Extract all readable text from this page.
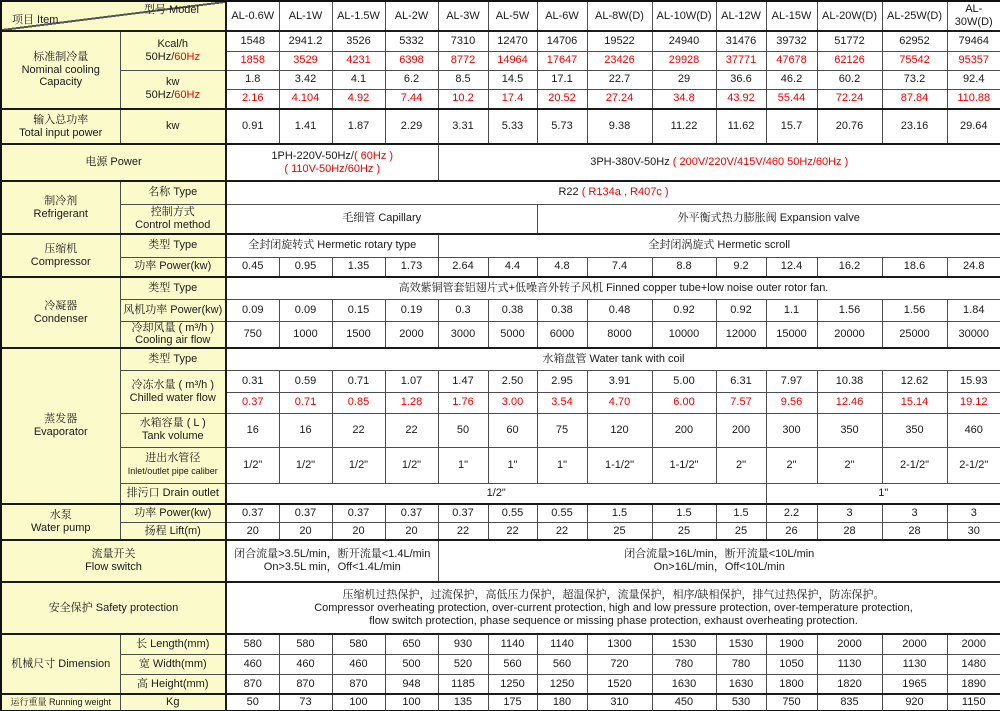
型号 Model
项目 Item		AL-0.6W	AL-1W	AL-1.5W	AL-2W	AL-3W	AL-5W	AL-6W	AL-8W(D)	AL-10W(D)	AL-12W	AL-15W	AL-20W(D)	AL-25W(D)	AL-30W(D)

标准制冷量
Nominal cooling
Capacity

Kcal/h
50Hz/60Hz
	1548	2941.2	3526	5332	7310	12470	14706	19522	24940	31476	39732	51772	62952	79464
		1858	3529	4231	6398	8772	14964	17647	23426	29928	37771	47678	62126	75542	95357

	kw
50Hz/60Hz	1.8	3.42	4.1	6.2	8.5	14.5	17.1	22.7	29	36.6	46.2	60.2	73.2	92.4
		2.16	4.104	4.92	7.44	10.2	17.4	20.52	27.24	34.8	43.92	55.44	72.24	87.84	110.88

输入总功率
Total input power	kw	0.91	1.41	1.87	2.29	3.31	5.33	5.73	9.38	11.22	11.62	15.7	20.76	23.16	29.64

电源 Power		1PH-220V-50Hz/( 60Hz )
( 110V-50Hz/60Hz )				3PH-380V-50Hz ( 200V/220V/415V/460 50Hz/60Hz )									

制冷剂
Refrigerant	名称 Type	R22 ( R134a , R407c )													

	控制方式
Control method	毛细管 Capillary						外平衡式热力膨胀阀 Expansion valve							

压缩机
Compressor	类型 Type	全封闭旋转式 Hermetic rotary type				全封闭涡旋式 Hermetic scroll									

	功率 Power(kw)	0.45	0.95	1.35	1.73	2.64	4.4	4.8	7.4	8.8	9.2	12.4	16.2	18.6	24.8

冷凝器
Condenser	类型 Type	高效紫铜管套铝翅片式+低噪音外转子风机 Finned copper tube+low noise outer rotor fan.													

	风机功率 Power(kw)	0.09	0.09	0.15	0.19	0.3	0.38	0.38	0.48	0.92	0.92	1.1	1.56	1.56	1.84

	冷却风量 ( m³/h )
Cooling air flow	750	1000	1500	2000	3000	5000	6000	8000	10000	12000	15000	20000	25000	30000

蒸发器
Evaporator	类型 Type	水箱盘管 Water tank with coil													

	冷冻水量 ( m³/h )
Chilled water flow	0.31	0.59	0.71	1.07	1.47	2.50	2.95	3.91	5.00	6.31	7.97	10.38	12.62	15.93
		0.37	0.71	0.85	1.28	1.76	3.00	3.54	4.70	6.00	7.57	9.56	12.46	15.14	19.12

	水箱容量 ( L )
Tank volume	16	16	22	22	50	60	75	120	200	200	300	350	350	460

	进出水管径
Inlet/outlet pipe caliber	1/2"	1/2"	1/2"	1/2"	1"	1"	1"	1-1/2"	1-1/2"	2"	2"	2"	2-1/2"	2-1/2"

	排污口 Drain outlet	1/2"										1"			

水泵
Water pump	功率 Power(kw)	0.37	0.37	0.37	0.37	0.37	0.55	0.55	1.5	1.5	1.5	2.2	3	3	3

	扬程 Lift(m)	20	20	20	20	22	22	22	25	25	25	26	28	28	30

流量开关
Flow switch

闭合流量>3.5L/min，断开流量<1.4L/min
On>3.5L min，Off<1.4L/min

闭合流量>16L/min，断开流量<10L/min
On>16L/min，Off<10L/min

安全保护 Safety protection		压缩机过热保护，过流保护，高低压力保护，超温保护，流量保护，相序/缺相保护，排气过热保护，防冻保护。
Compressor overheating protection, over-current protection, high and low pressure protection, over-temperature protection,
flow switch protection, phase sequence or missing phase protection, exhaust overheating protection.													

机械尺寸 Dimension	长 Length(mm)	580	580	580	650	930	1140	1140	1300	1530	1530	1900	2000	2000	2000

	宽 Width(mm)	460	460	460	500	520	560	560	720	780	780	1050	1130	1130	1480

	高 Height(mm)	870	870	870	948	1185	1250	1250	1520	1630	1630	1800	1820	1965	1890

运行重量 Running weight	Kg	50	73	100	100	135	175	180	310	450	530	750	835	920	1150
